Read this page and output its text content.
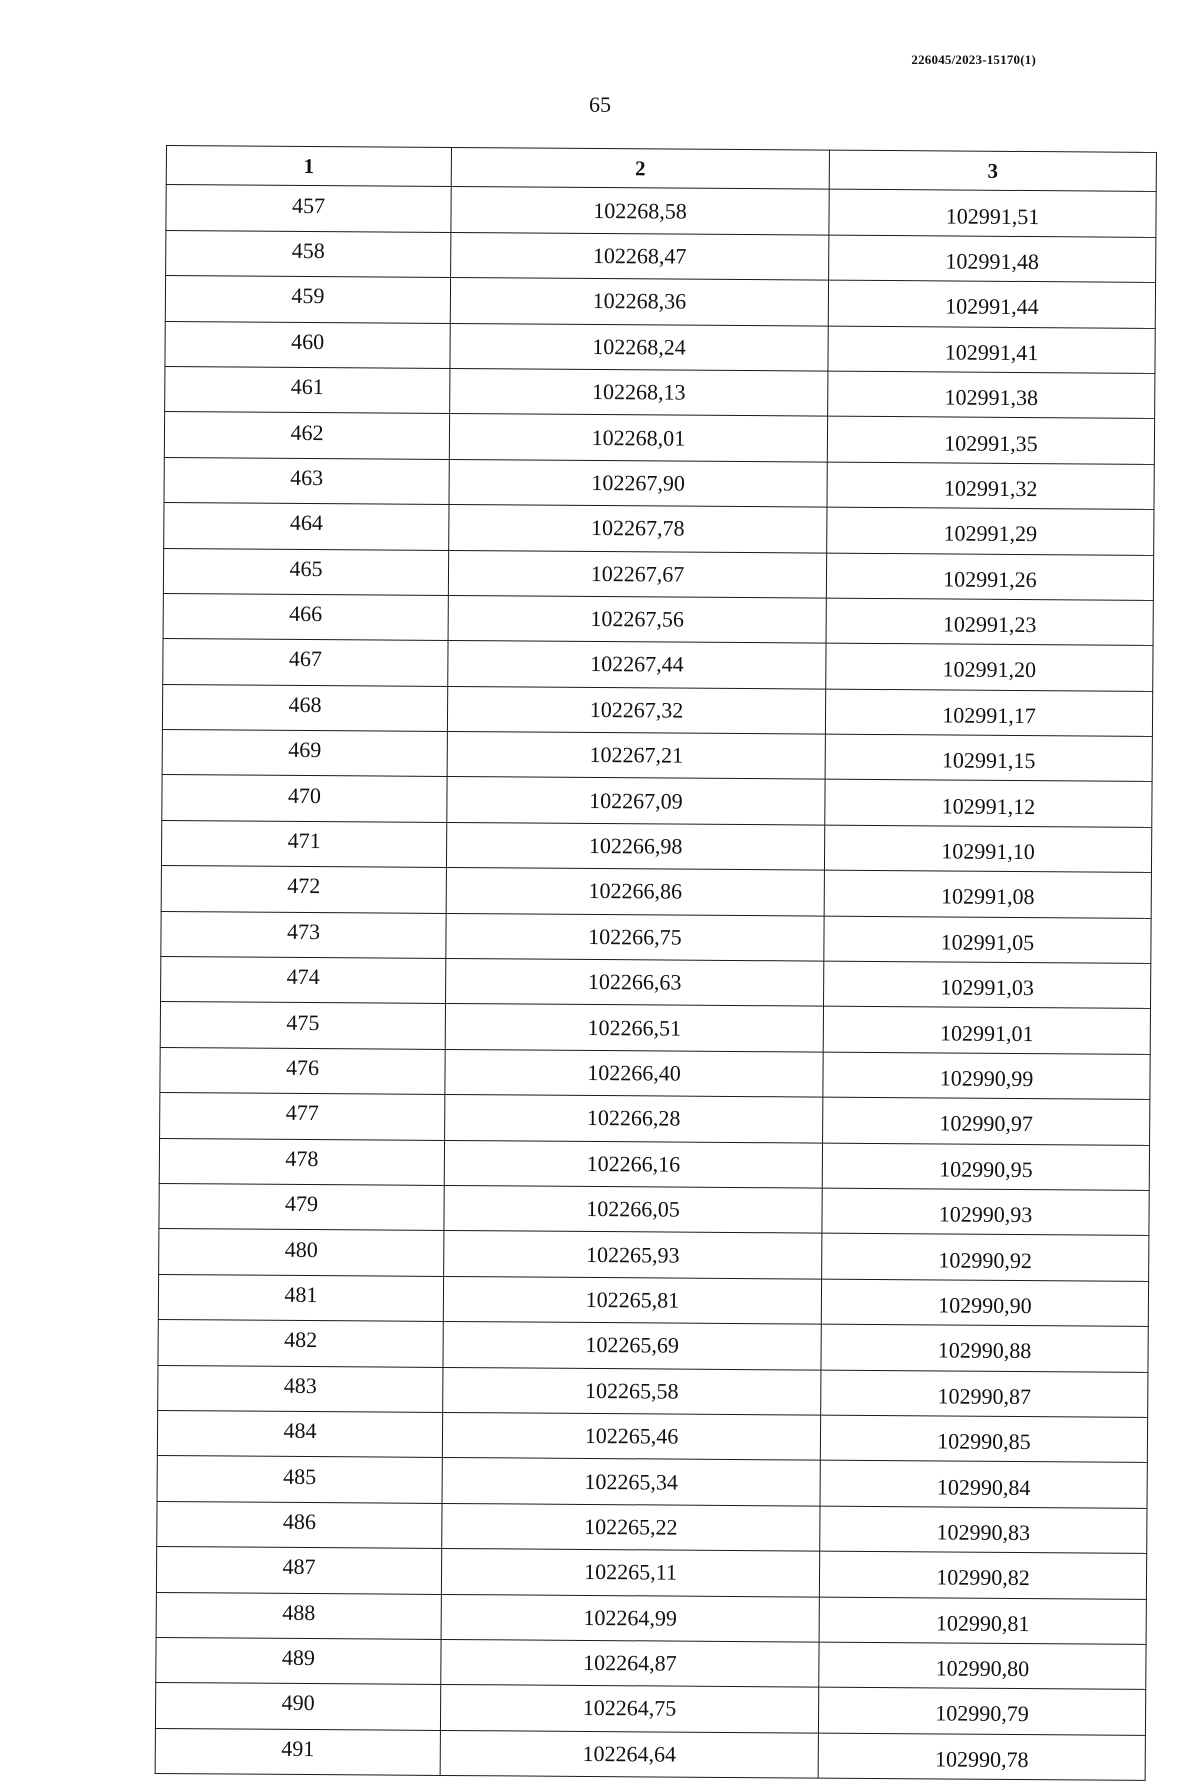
226045/2023-15170(1)
65
1	2	3
457	102268,58	102991,51
458	102268,47	102991,48
459	102268,36	102991,44
460	102268,24	102991,41
461	102268,13	102991,38
462	102268,01	102991,35
463	102267,90	102991,32
464	102267,78	102991,29
465	102267,67	102991,26
466	102267,56	102991,23
467	102267,44	102991,20
468	102267,32	102991,17
469	102267,21	102991,15
470	102267,09	102991,12
471	102266,98	102991,10
472	102266,86	102991,08
473	102266,75	102991,05
474	102266,63	102991,03
475	102266,51	102991,01
476	102266,40	102990,99
477	102266,28	102990,97
478	102266,16	102990,95
479	102266,05	102990,93
480	102265,93	102990,92
481	102265,81	102990,90
482	102265,69	102990,88
483	102265,58	102990,87
484	102265,46	102990,85
485	102265,34	102990,84
486	102265,22	102990,83
487	102265,11	102990,82
488	102264,99	102990,81
489	102264,87	102990,80
490	102264,75	102990,79
491	102264,64	102990,78
